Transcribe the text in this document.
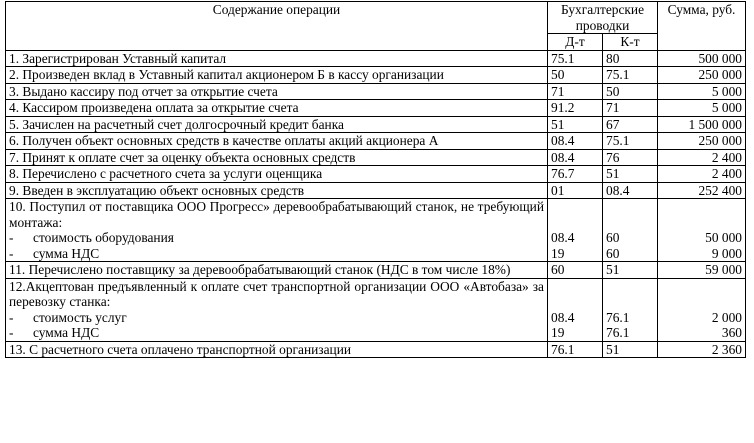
Содержание операции	Бухгалтерские проводки		Сумма, руб.
	Д-т	К-т	
1. Зарегистрирован Уставный капитал	75.1	80	500 000
2. Произведен вклад в Уставный капитал акционером Б в кассу организации	50	75.1	250 000
3. Выдано кассиру под отчет за открытие счета	71	50	5 000
4. Кассиром произведена оплата за открытие счета	91.2	71	5 000
5. Зачислен на расчетный счет долгосрочный кредит банка	51	67	1 500 000
6. Получен объект основных средств в качестве оплаты акций акционера А	08.4	75.1	250 000
7. Принят к оплате счет за оценку объекта основных средств	08.4	76	2 400
8. Перечислено с расчетного счета за услуги оценщика	76.7	51	2 400
9. Введен в эксплуатацию объект основных средств	01	08.4	252 400
10. Поступил от поставщика ООО Прогресс» деревообрабатывающий станок, не требующий монтажа:			
- стоимость оборудования	08.4	60	50 000
- сумма НДС	19	60	9 000
11. Перечислено поставщику за деревообрабатывающий станок (НДС в том числе 18%)	60	51	59 000
12.Акцептован предъявленный к оплате счет транспортной организации ООО «Автобаза» за перевозку станка:			
- стоимость услуг	08.4	76.1	2 000
- сумма НДС	19	76.1	360
13. С расчетного счета оплачено транспортной организации	76.1	51	2 360
